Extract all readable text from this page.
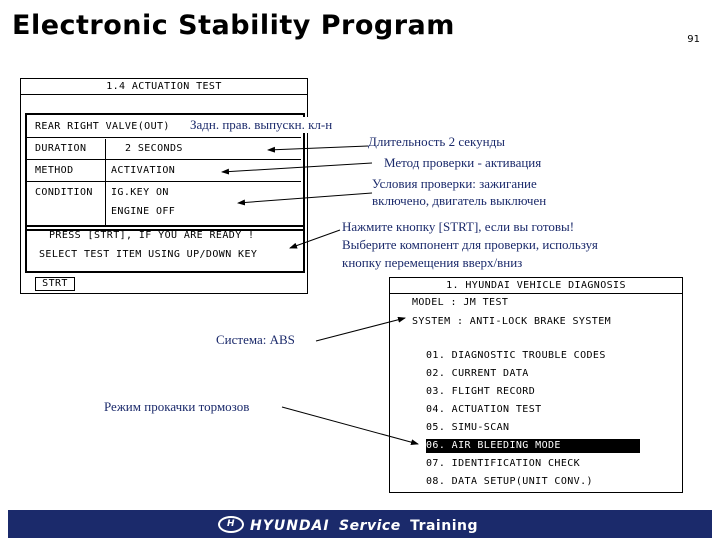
Electronic Stability Program	91
1.4 ACTUATION TEST
REAR RIGHT VALVE(OUT)
DURATION	2 SECONDS
METHOD	ACTIVATION
CONDITION IG.KEY ON
ENGINE OFF
PRESS [STRT], IF YOU ARE READY !
SELECT TEST ITEM USING UP/DOWN KEY
STRT	1. HYUNDAI VEHICLE DIAGNOSIS
MODEL : JM TEST
SYSTEM : ANTI-LOCK BRAKE SYSTEM
01. DIAGNOSTIC TROUBLE CODES
02. CURRENT DATA
03. FLIGHT RECORD
04. ACTUATION TEST
05. SIMU-SCAN
06. AIR BLEEDING MODE
07. IDENTIFICATION CHECK
08. DATA SETUP(UNIT CONV.)
Задн. прав. выпускн. кл-н
Длительность 2 секунды
Метод проверки - активация
Условия проверки: зажигание
включено, двигатель выключен
Нажмите кнопку [STRT], если вы готовы!
Выберите компонент для проверки, используя
кнопку перемещения вверх/вниз
Система: ABS
Режим прокачки тормозов
H HYUNDAI Service Training
